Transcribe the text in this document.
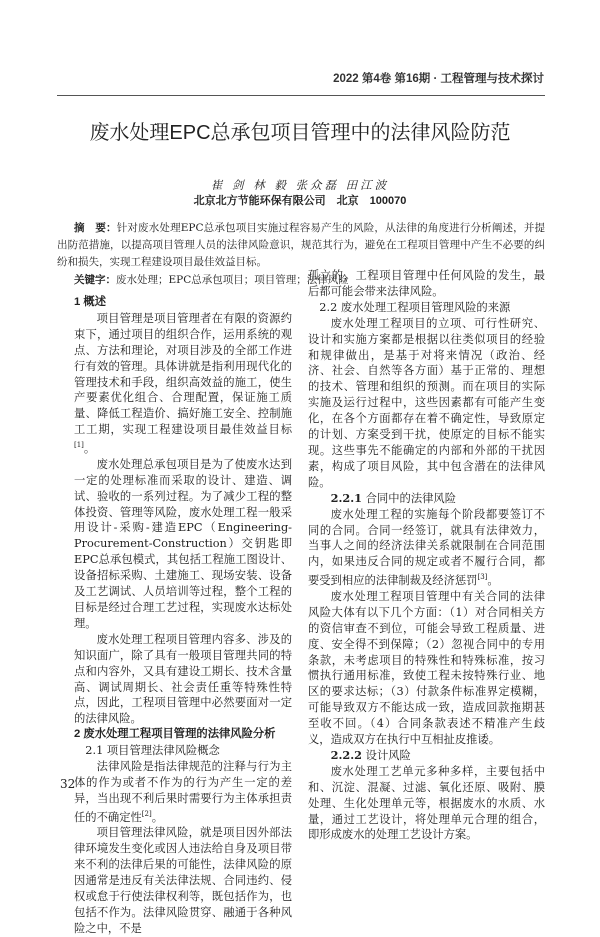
2022 第4卷 第16期 · 工程管理与技术探讨
废水处理EPC总承包项目管理中的法律风险防范
崔 剑 林 毅 张众磊 田江波
北京北方节能环保有限公司　北京　100070
摘　要：针对废水处理EPC总承包项目实施过程容易产生的风险，从法律的角度进行分析阐述，并提出防范措施，以提高项目管理人员的法律风险意识，规范其行为，避免在工程项目管理中产生不必要的纠纷和损失，实现工程建设项目最佳效益目标。
关键字：废水处理；EPC总承包项目；项目管理；法律风险
1 概述

项目管理是项目管理者在有限的资源约束下，通过项目的组织合作，运用系统的观点、方法和理论，对项目涉及的全部工作进行有效的管理。具体讲就是指利用现代化的管理技术和手段，组织高效益的施工，使生产要素优化组合、合理配置，保证施工质量、降低工程造价、搞好施工安全、控制施工工期，实现工程建设项目最佳效益目标[1]。

废水处理总承包项目是为了使废水达到一定的处理标准而采取的设计、建造、调试、验收的一系列过程。为了减少工程的整体投资、管理等风险，废水处理工程一般采用设计-采购-建造EPC（Engineering-Procurement-Construction）交钥匙即EPC总承包模式，其包括工程施工图设计、设备招标采购、土建施工、现场安装、设备及工艺调试、人员培训等过程，整个工程的目标是经过合理工艺过程，实现废水达标处理。

废水处理工程项目管理内容多、涉及的知识面广，除了具有一般项目管理共同的特点和内容外，又具有建设工期长、技术含量高、调试周期长、社会责任重等特殊性特点，因此，工程项目管理中必然要面对一定的法律风险。

2 废水处理工程项目管理的法律风险分析
2.1 项目管理法律风险概念

法律风险是指法律规范的注释与行为主体的作为或者不作为的行为产生一定的差异，当出现不利后果时需要行为主体承担责任的不确定性[2]。

项目管理法律风险，就是项目因外部法律环境发生变化或因人违法给自身及项目带来不利的法律后果的可能性，法律风险的原因通常是违反有关法律法规、合同违约、侵权或怠于行使法律权利等，既包括作为，也包括不作为。法律风险贯穿、融通于各种风险之中，不是

孤立的，工程项目管理中任何风险的发生，最后都可能会带来法律风险。

2.2 废水处理工程项目管理风险的来源

废水处理工程项目的立项、可行性研究、设计和实施方案都是根据以往类似项目的经验和规律做出，是基于对将来情况（政治、经济、社会、自然等各方面）基于正常的、理想的技术、管理和组织的预测。而在项目的实际实施及运行过程中，这些因素都有可能产生变化，在各个方面都存在着不确定性，导致原定的计划、方案受到干扰，使原定的目标不能实现。这些事先不能确定的内部和外部的干扰因素，构成了项目风险，其中包含潜在的法律风险。

2.2.1 合同中的法律风险

废水处理工程的实施每个阶段都要签订不同的合同。合同一经签订，就具有法律效力，当事人之间的经济法律关系就限制在合同范围内，如果违反合同的规定或者不履行合同，都要受到相应的法律制裁及经济惩罚[3]。

废水处理工程项目管理中有关合同的法律风险大体有以下几个方面：（1）对合同相关方的资信审查不到位，可能会导致工程质量、进度、安全得不到保障；（2）忽视合同中的专用条款，未考虑项目的特殊性和特殊标准，按习惯执行通用标准，致使工程未按特殊行业、地区的要求达标；（3）付款条件标准界定模糊，可能导致双方不能达成一致，造成回款拖期甚至收不回。（4）合同条款表述不精准产生歧义，造成双方在执行中互相扯皮推诿。

2.2.2 设计风险

废水处理工艺单元多种多样，主要包括中和、沉淀、混凝、过滤、氧化还原、吸附、膜处理、生化处理单元等，根据废水的水质、水量，通过工艺设计，将处理单元合理的组合，即形成废水的处理工艺设计方案。

32
